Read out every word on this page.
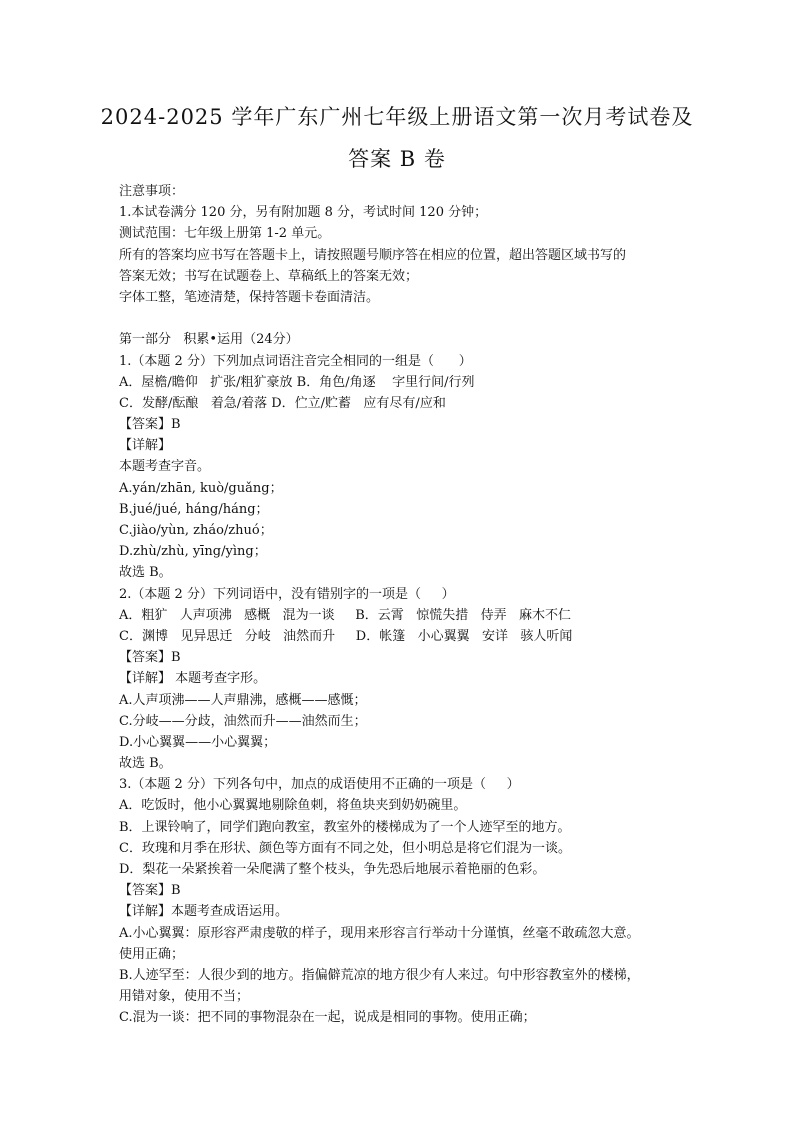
2024-2025 学年广东广州七年级上册语文第一次月考试卷及
答案 B 卷
注意事项：
1.本试卷满分 120 分，另有附加题 8 分，考试时间 120 分钟；
测试范围：七年级上册第 1-2 单元。
所有的答案均应书写在答题卡上，请按照题号顺序答在相应的位置，超出答题区域书写的
答案无效；书写在试题卷上、草稿纸上的答案无效；
字体工整，笔迹清楚，保持答题卡卷面清洁。
第一部分   积累•运用（24分）
1.（本题 2 分）下列加点词语注音完全相同的一组是（      ）
A．屋檐/瞻仰   扩张/粗犷豪放 B．角色/角逐    字里行间/行列
C．发酵/酝酿   着急/着落 D．伫立/贮蓄   应有尽有/应和
【答案】B
【详解】
本题考查字音。
A.yán/zhān, kuò/guǎng；
B.jué/jué, háng/háng；
C.jiào/yùn, zháo/zhuó；
D.zhù/zhù, yīng/yìng；
故选 B。
2.（本题 2 分）下列词语中，没有错别字的一项是（     ）
A．粗犷   人声项沸   感概   混为一谈     B．云霄   惊慌失措   侍弄   麻木不仁
C．渊博   见异思迁   分岐   油然而升     D．帐篷   小心翼翼   安详   骇人听闻
【答案】B
【详解】 本题考查字形。
A.人声项沸——人声鼎沸，感概——感慨；
C.分岐——分歧，油然而升——油然而生；
D.小心翼翼——小心翼翼；
故选 B。
3.（本题 2 分）下列各句中，加点的成语使用不正确的一项是（     ）
A．吃饭时，他小心翼翼地剔除鱼刺，将鱼块夹到奶奶碗里。
B．上课铃响了，同学们跑向教室，教室外的楼梯成为了一个人迹罕至的地方。
C．玫瑰和月季在形状、颜色等方面有不同之处，但小明总是将它们混为一谈。
D．梨花一朵紧挨着一朵爬满了整个枝头，争先恐后地展示着艳丽的色彩。
【答案】B
【详解】本题考查成语运用。
A.小心翼翼：原形容严肃虔敬的样子，现用来形容言行举动十分谨慎，丝毫不敢疏忽大意。
使用正确；
B.人迹罕至：人很少到的地方。指偏僻荒凉的地方很少有人来过。句中形容教室外的楼梯，
用错对象，使用不当；
C.混为一谈：把不同的事物混杂在一起，说成是相同的事物。使用正确；
